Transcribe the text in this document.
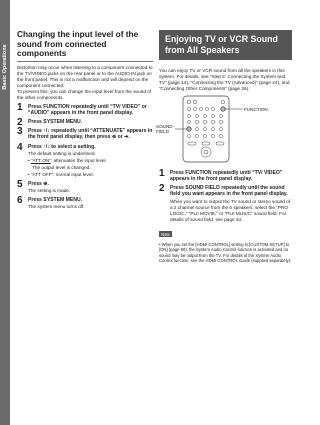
Basic Operations
Changing the input level of the sound from connected components
Distortion may occur when listening to a component connected to the TV/VIDEO jacks on the rear panel or to the AUDIO IN jack on the front panel. This is not a malfunction and will depend on the component connected.
To prevent this, you can change the input level from the sound of the other components.
1 Press FUNCTION repeatedly until “TV/ VIDEO” or “AUDIO” appears in the front panel display.
2 Press SYSTEM MENU.
3 Press ↑/↓ repeatedly until “ATTENUATE” appears in the front panel display, then press ⊕ or ➔.
4 Press ↑/↓ to select a setting.
The default setting is underlined.
• “ATT ON”: attenuates the input level.
The output level is changed.
• “ATT OFF”: normal input level.
5 Press ⊕.
The setting is made.
6 Press SYSTEM MENU.
The system menu turns off.
Enjoying TV or VCR Sound from All Speakers
You can enjoy TV or VCR sound from all the speakers in this system. For details, see “Step 2: Connecting the System and TV” (page 14), “Connecting the TV (Advanced)” (page 24), and “Connecting Other Components” (page 26).
FUNCTION
SOUND FIELD
1 Press FUNCTION repeatedly until “TV/ VIDEO” appears in the front panel display.
2 Press SOUND FIELD repeatedly until the sound field you want appears in the front panel display.
When you want to output the TV sound or stereo sound of a 2 channel source from the 6 speakers, select the “PRO LOGIC,” “PLII MOVIE,” or “PLII MUSIC” sound field. For details of sound field, see page 34.
Note
• When you set the [HDMI CONTROL] setting in [CUSTOM SETUP] to [ON] (page 80), the System Audio Control function is activated and no sound may be output from the TV. For details of the System Audio Control function, see the HDMI CONTROL Guide (supplied separately).
